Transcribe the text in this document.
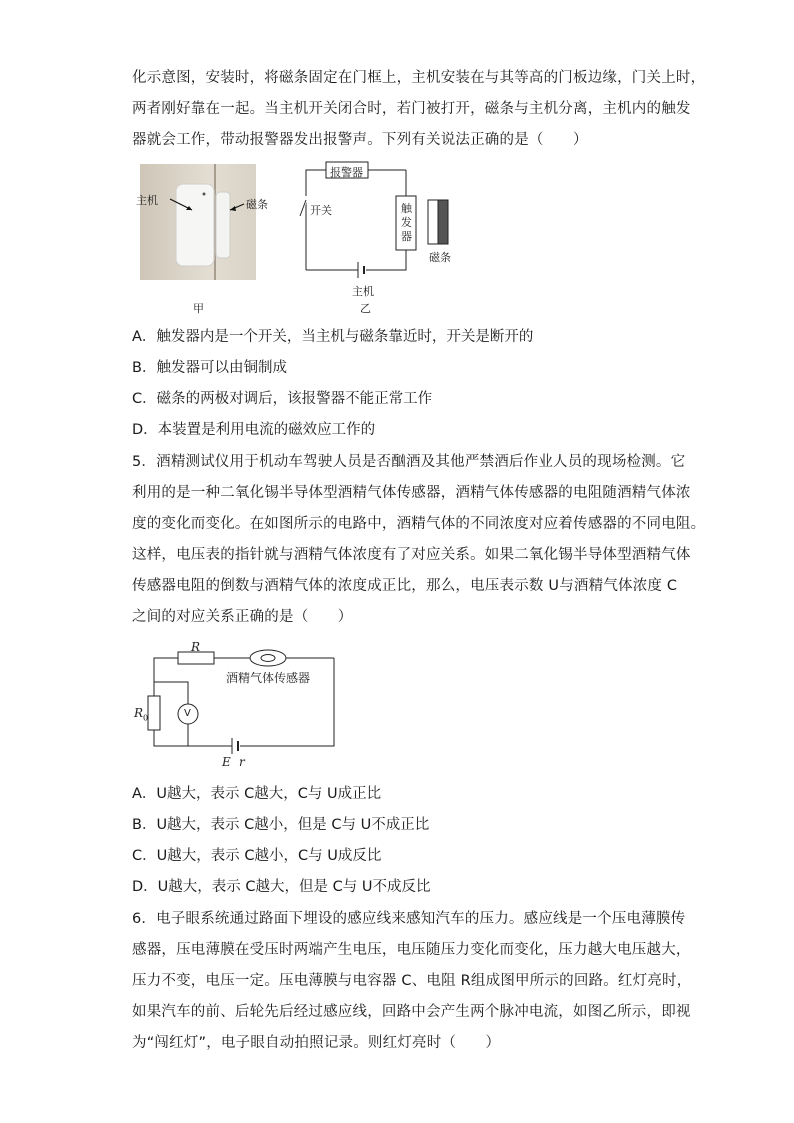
化示意图，安装时，将磁条固定在门框上，主机安装在与其等高的门板边缘，门关上时，
两者刚好靠在一起。当主机开关闭合时，若门被打开，磁条与主机分离，主机内的触发
器就会工作，带动报警器发出报警声。下列有关说法正确的是（　　）
主机	磁条
甲
报警器
开关	触发器
磁条
主机
乙
A．触发器内是一个开关，当主机与磁条靠近时，开关是断开的
B．触发器可以由铜制成
C．磁条的两极对调后，该报警器不能正常工作
D．本装置是利用电流的磁效应工作的
5．酒精测试仪用于机动车驾驶人员是否酗酒及其他严禁酒后作业人员的现场检测。它
利用的是一种二氧化锡半导体型酒精气体传感器，酒精气体传感器的电阻随酒精气体浓
度的变化而变化。在如图所示的电路中，酒精气体的不同浓度对应着传感器的不同电阻。
这样，电压表的指针就与酒精气体浓度有了对应关系。如果二氧化锡半导体型酒精气体
传感器电阻的倒数与酒精气体的浓度成正比，那么，电压表示数 U与酒精气体浓度 C
之间的对应关系正确的是（　　）
R
酒精气体传感器
$R_0$	V
E r
A．U越大，表示 C越大，C与 U成正比
B．U越大，表示 C越小，但是 C与 U不成正比
C．U越大，表示 C越小，C与 U成反比
D．U越大，表示 C越大，但是 C与 U不成反比
6．电子眼系统通过路面下埋设的感应线来感知汽车的压力。感应线是一个压电薄膜传
感器，压电薄膜在受压时两端产生电压，电压随压力变化而变化，压力越大电压越大，
压力不变，电压一定。压电薄膜与电容器 C、电阻 R组成图甲所示的回路。红灯亮时，
如果汽车的前、后轮先后经过感应线，回路中会产生两个脉冲电流，如图乙所示，即视
为“闯红灯”，电子眼自动拍照记录。则红灯亮时（　　）
